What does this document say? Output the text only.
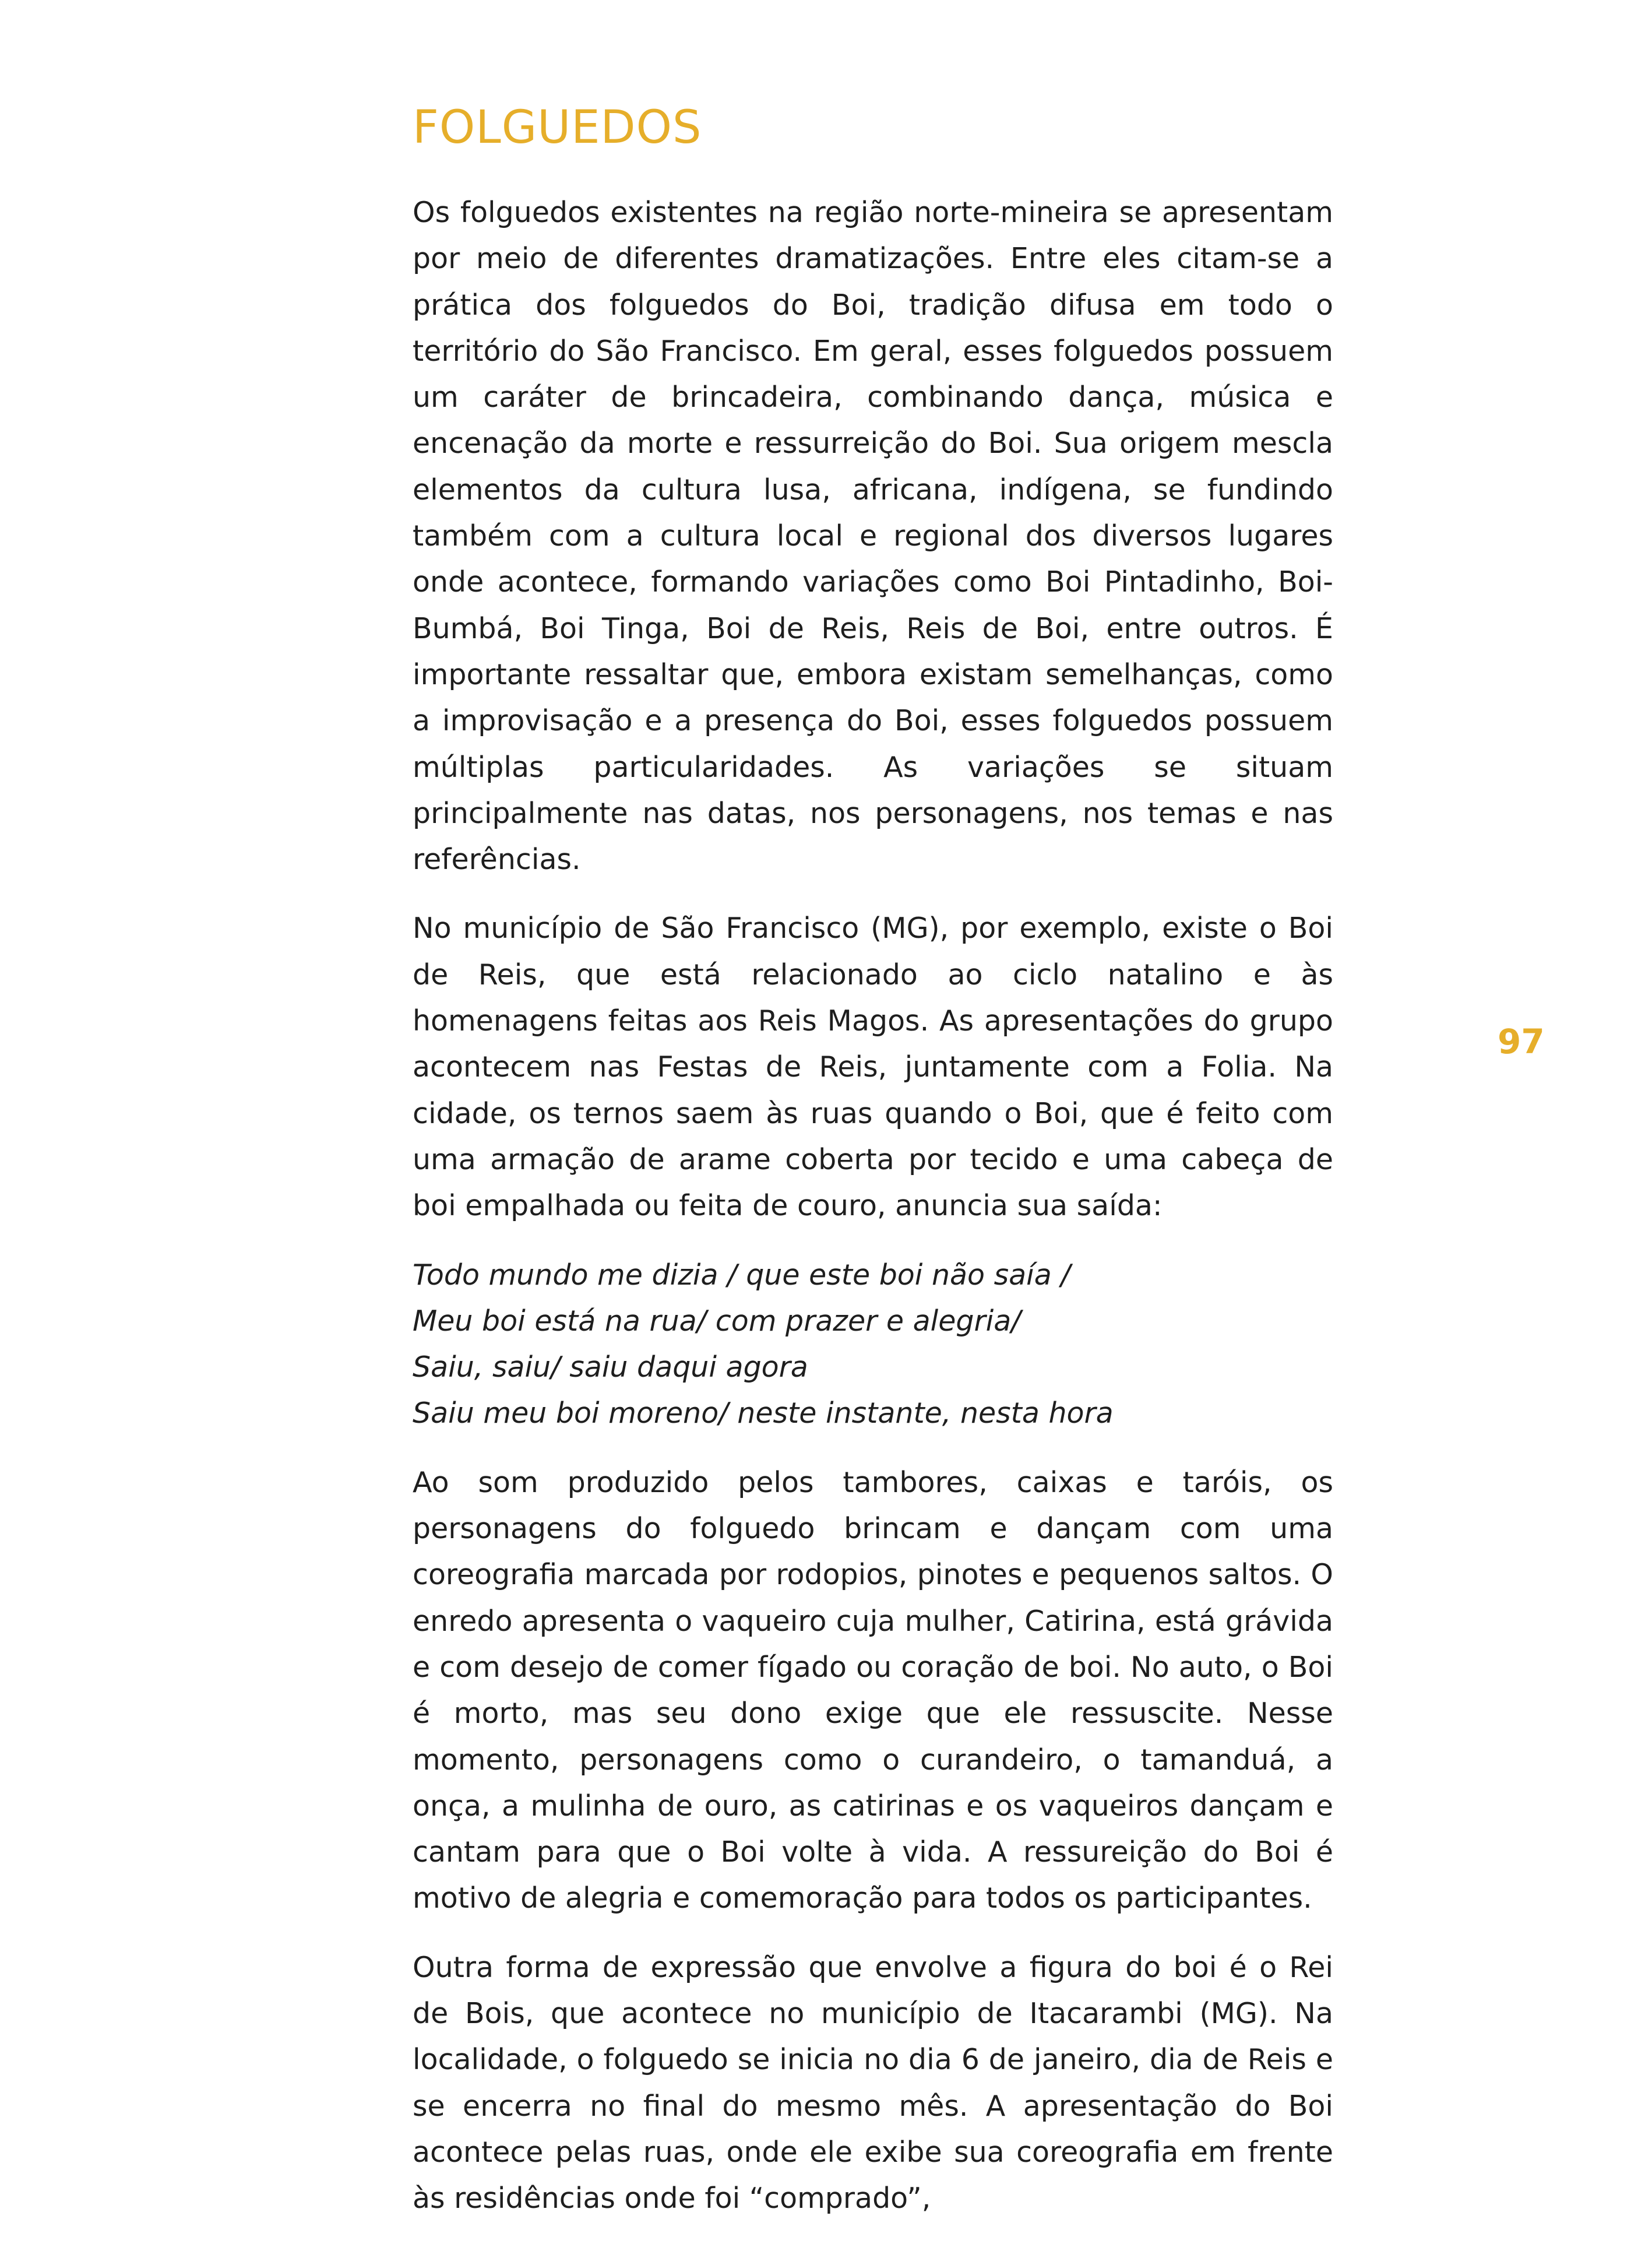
FOLGUEDOS

Os folguedos existentes na região norte-mineira se apresentam por meio de diferentes dramatizações. Entre eles citam-se a prática dos folguedos do Boi, tradição difusa em todo o território do São Francisco. Em geral, esses folguedos possuem um caráter de brincadeira, combinando dança, música e encenação da morte e ressurreição do Boi. Sua origem mescla elementos da cultura lusa, africana, indígena, se fundindo também com a cultura local e regional dos diversos lugares onde acontece, formando variações como Boi Pintadinho, Boi-Bumbá, Boi Tinga, Boi de Reis, Reis de Boi, entre outros. É importante ressaltar que, embora existam semelhanças, como a improvisação e a presença do Boi, esses folguedos possuem múltiplas particularidades. As variações se situam principalmente nas datas, nos personagens, nos temas e nas referências.

No município de São Francisco (MG), por exemplo, existe o Boi de Reis, que está relacionado ao ciclo natalino e às homenagens feitas aos Reis Magos. As apresentações do grupo acontecem nas Festas de Reis, juntamente com a Folia. Na cidade, os ternos saem às ruas quando o Boi, que é feito com uma armação de arame coberta por tecido e uma cabeça de boi empalhada ou feita de couro, anuncia sua saída:

Todo mundo me dizia / que este boi não saía /
Meu boi está na rua/ com prazer e alegria/
Saiu, saiu/ saiu daqui agora
Saiu meu boi moreno/ neste instante, nesta hora

Ao som produzido pelos tambores, caixas e taróis, os personagens do folguedo brincam e dançam com uma coreografia marcada por rodopios, pinotes e pequenos saltos. O enredo apresenta o vaqueiro cuja mulher, Catirina, está grávida e com desejo de comer fígado ou coração de boi. No auto, o Boi é morto, mas seu dono exige que ele ressuscite. Nesse momento, personagens como o curandeiro, o tamanduá, a onça, a mulinha de ouro, as catirinas e os vaqueiros dançam e cantam para que o Boi volte à vida. A ressureição do Boi é motivo de alegria e comemoração para todos os participantes.

Outra forma de expressão que envolve a figura do boi é o Rei de Bois, que acontece no município de Itacarambi (MG). Na localidade, o folguedo se inicia no dia 6 de janeiro, dia de Reis e se encerra no final do mesmo mês. A apresentação do Boi acontece pelas ruas, onde ele exibe sua coreografia em frente às residências onde foi “comprado”,

97
